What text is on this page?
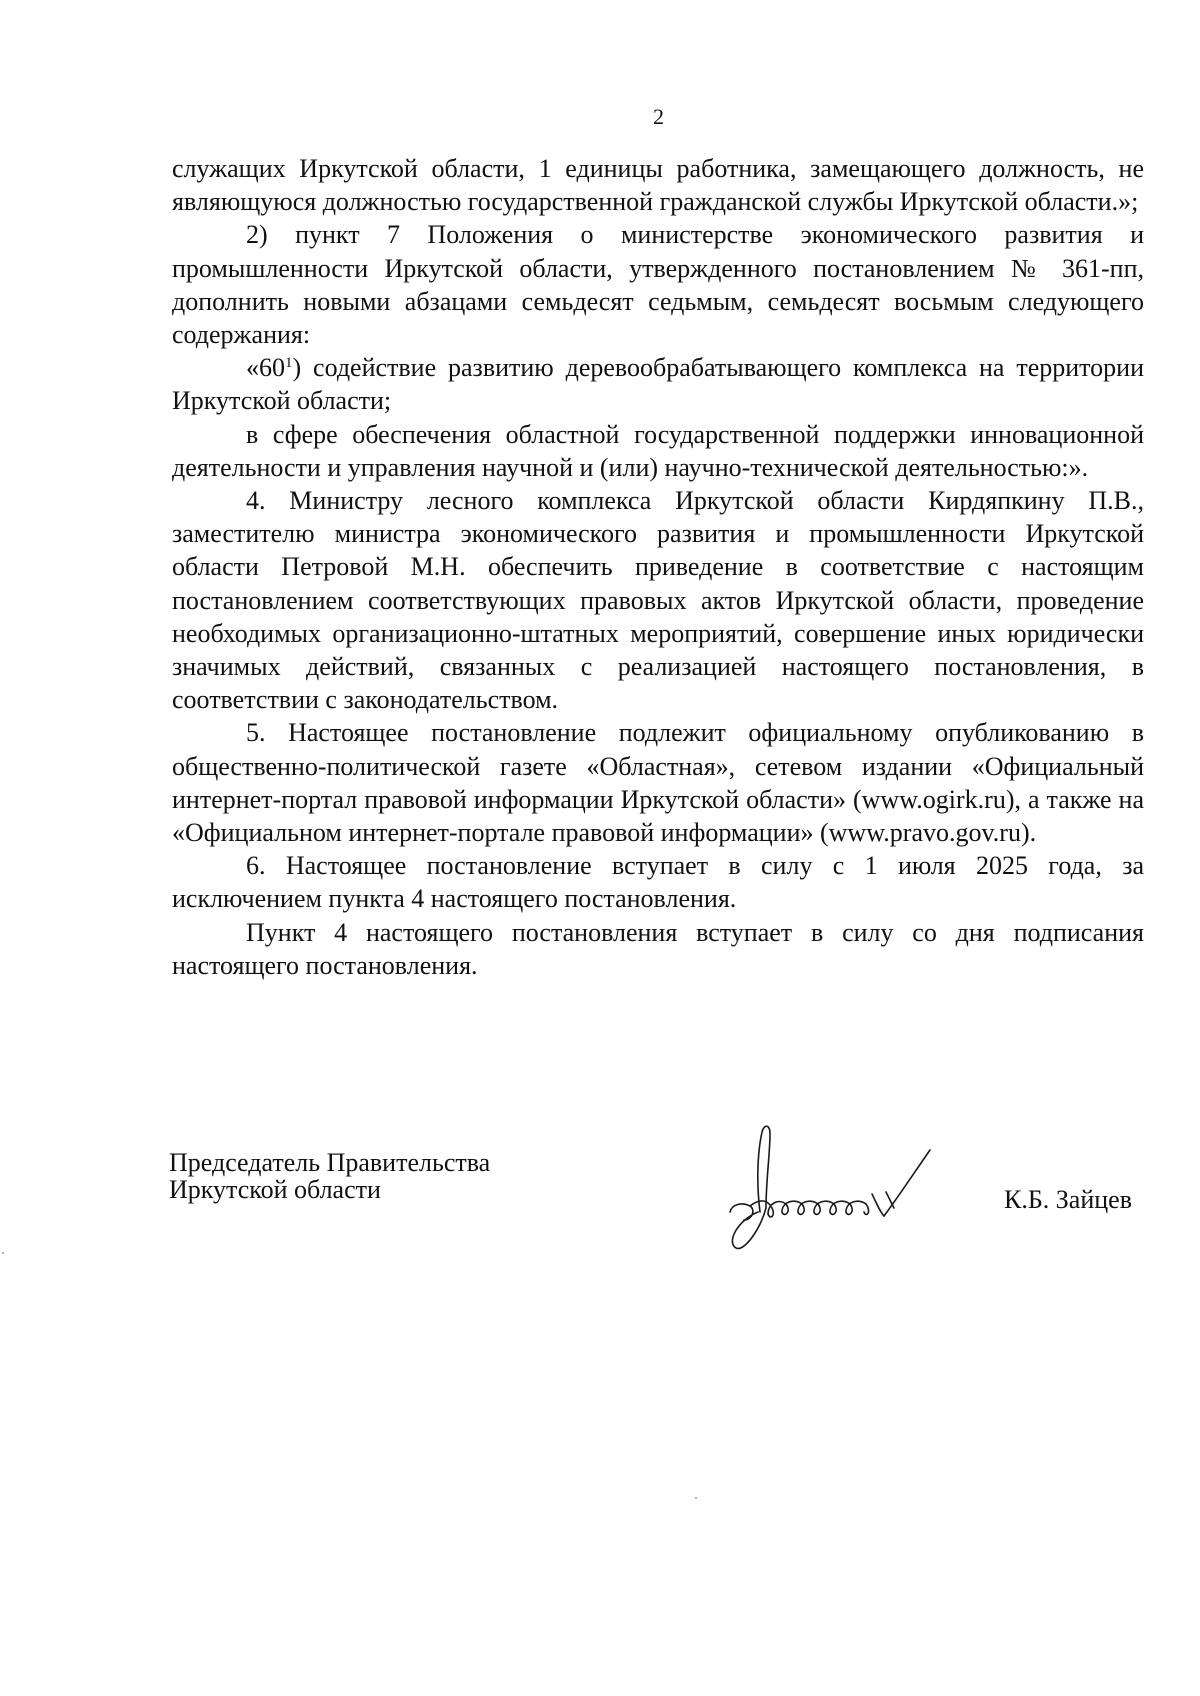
2

служащих Иркутской области, 1 единицы работника, замещающего должность, не являющуюся должностью государственной гражданской службы Иркутской области.»;

2) пункт 7 Положения о министерстве экономического развития и промышленности Иркутской области, утвержденного постановлением № 361-пп, дополнить новыми абзацами семьдесят седьмым, семьдесят восьмым следующего содержания:

«$60^1$) содействие развитию деревообрабатывающего комплекса на территории Иркутской области;

в сфере обеспечения областной государственной поддержки инновационной деятельности и управления научной и (или) научно-технической деятельностью:».

4. Министру лесного комплекса Иркутской области Кирдяпкину П.В., заместителю министра экономического развития и промышленности Иркутской области Петровой М.Н. обеспечить приведение в соответствие с настоящим постановлением соответствующих правовых актов Иркутской области, проведение необходимых организационно-штатных мероприятий, совершение иных юридически значимых действий, связанных с реализацией настоящего постановления, в соответствии с законодательством.

5. Настоящее постановление подлежит официальному опубликованию в общественно-политической газете «Областная», сетевом издании «Официальный интернет-портал правовой информации Иркутской области» (www.ogirk.ru), а также на «Официальном интернет-портале правовой информации» (www.pravo.gov.ru).

6. Настоящее постановление вступает в силу с 1 июля 2025 года, за исключением пункта 4 настоящего постановления.

Пункт 4 настоящего постановления вступает в силу со дня подписания настоящего постановления.

Председатель Правительства
Иркутской области	К.Б. Зайцев
